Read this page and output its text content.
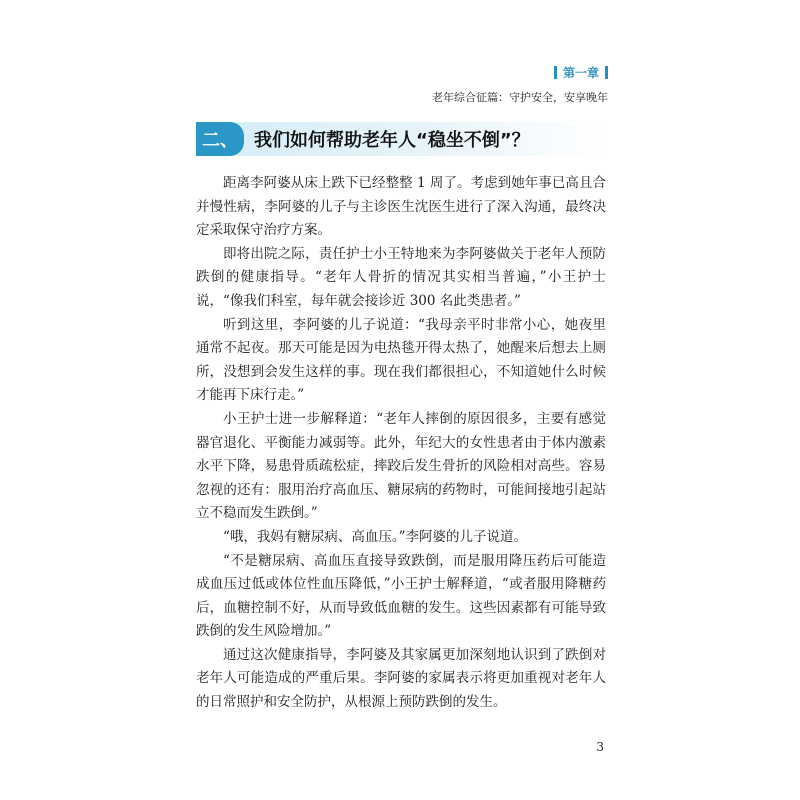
第一章
老年综合征篇：守护安全，安享晚年
二、 我们如何帮助老年人“稳坐不倒”？

距离李阿婆从床上跌下已经整整 1 周了。考虑到她年事已高且合并慢性病，李阿婆的儿子与主诊医生沈医生进行了深入沟通，最终决定采取保守治疗方案。

即将出院之际，责任护士小王特地来为李阿婆做关于老年人预防跌倒的健康指导。“老年人骨折的情况其实相当普遍，”小王护士说，“像我们科室，每年就会接诊近 300 名此类患者。”

听到这里，李阿婆的儿子说道：“我母亲平时非常小心，她夜里通常不起夜。那天可能是因为电热毯开得太热了，她醒来后想去上厕所，没想到会发生这样的事。现在我们都很担心，不知道她什么时候才能再下床行走。”

小王护士进一步解释道：“老年人摔倒的原因很多，主要有感觉器官退化、平衡能力减弱等。此外，年纪大的女性患者由于体内激素水平下降，易患骨质疏松症，摔跤后发生骨折的风险相对高些。容易忽视的还有：服用治疗高血压、糖尿病的药物时，可能间接地引起站立不稳而发生跌倒。”

“哦，我妈有糖尿病、高血压。”李阿婆的儿子说道。

“不是糖尿病、高血压直接导致跌倒，而是服用降压药后可能造成血压过低或体位性血压降低，”小王护士解释道，“或者服用降糖药后，血糖控制不好，从而导致低血糖的发生。这些因素都有可能导致跌倒的发生风险增加。”

通过这次健康指导，李阿婆及其家属更加深刻地认识到了跌倒对老年人可能造成的严重后果。李阿婆的家属表示将更加重视对老年人的日常照护和安全防护，从根源上预防跌倒的发生。

3
